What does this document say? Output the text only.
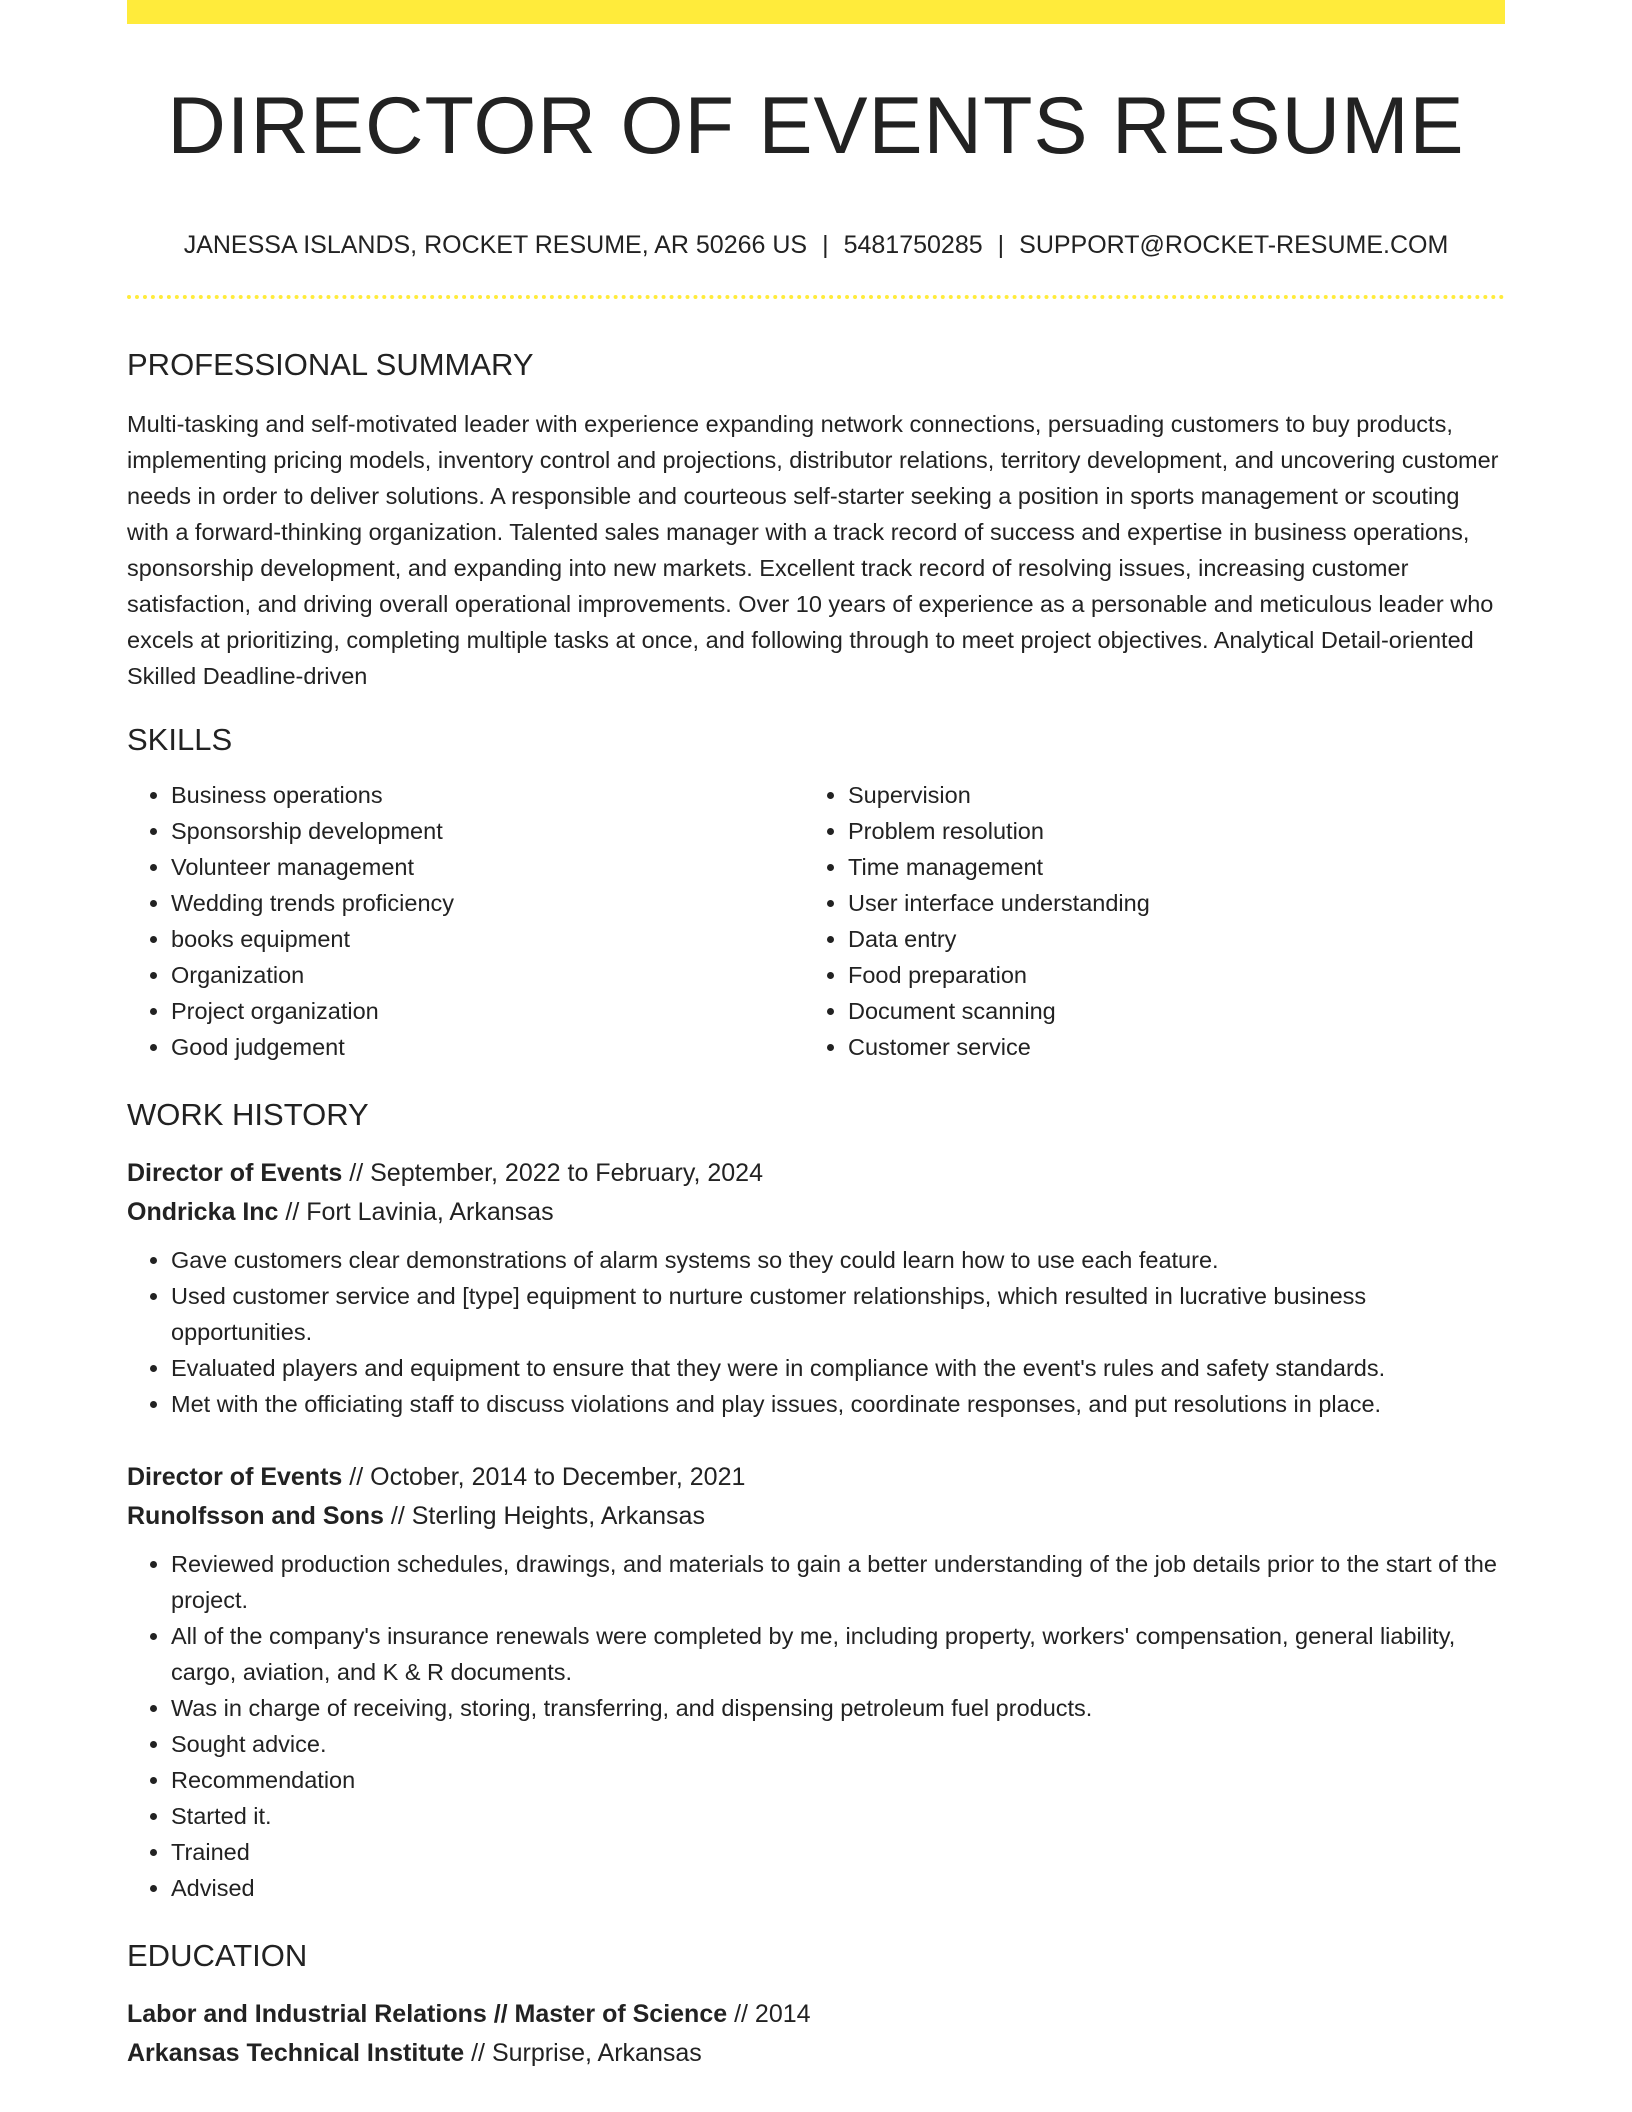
DIRECTOR OF EVENTS RESUME
JANESSA ISLANDS, ROCKET RESUME, AR 50266 US | 5481750285 | SUPPORT@ROCKET-RESUME.COM
PROFESSIONAL SUMMARY
Multi-tasking and self-motivated leader with experience expanding network connections, persuading customers to buy products, implementing pricing models, inventory control and projections, distributor relations, territory development, and uncovering customer needs in order to deliver solutions. A responsible and courteous self-starter seeking a position in sports management or scouting with a forward-thinking organization. Talented sales manager with a track record of success and expertise in business operations, sponsorship development, and expanding into new markets. Excellent track record of resolving issues, increasing customer satisfaction, and driving overall operational improvements. Over 10 years of experience as a personable and meticulous leader who excels at prioritizing, completing multiple tasks at once, and following through to meet project objectives. Analytical Detail-oriented Skilled Deadline-driven
SKILLS
• Business operations
• Sponsorship development
• Volunteer management
• Wedding trends proficiency
• books equipment
• Organization
• Project organization
• Good judgement
• Supervision
• Problem resolution
• Time management
• User interface understanding
• Data entry
• Food preparation
• Document scanning
• Customer service
WORK HISTORY
Director of Events // September, 2022 to February, 2024
Ondricka Inc // Fort Lavinia, Arkansas
• Gave customers clear demonstrations of alarm systems so they could learn how to use each feature.
• Used customer service and [type] equipment to nurture customer relationships, which resulted in lucrative business opportunities.
• Evaluated players and equipment to ensure that they were in compliance with the event's rules and safety standards.
• Met with the officiating staff to discuss violations and play issues, coordinate responses, and put resolutions in place.
Director of Events // October, 2014 to December, 2021
Runolfsson and Sons // Sterling Heights, Arkansas
• Reviewed production schedules, drawings, and materials to gain a better understanding of the job details prior to the start of the project.
• All of the company's insurance renewals were completed by me, including property, workers' compensation, general liability, cargo, aviation, and K & R documents.
• Was in charge of receiving, storing, transferring, and dispensing petroleum fuel products.
• Sought advice.
• Recommendation
• Started it.
• Trained
• Advised
EDUCATION
Labor and Industrial Relations // Master of Science // 2014
Arkansas Technical Institute // Surprise, Arkansas
